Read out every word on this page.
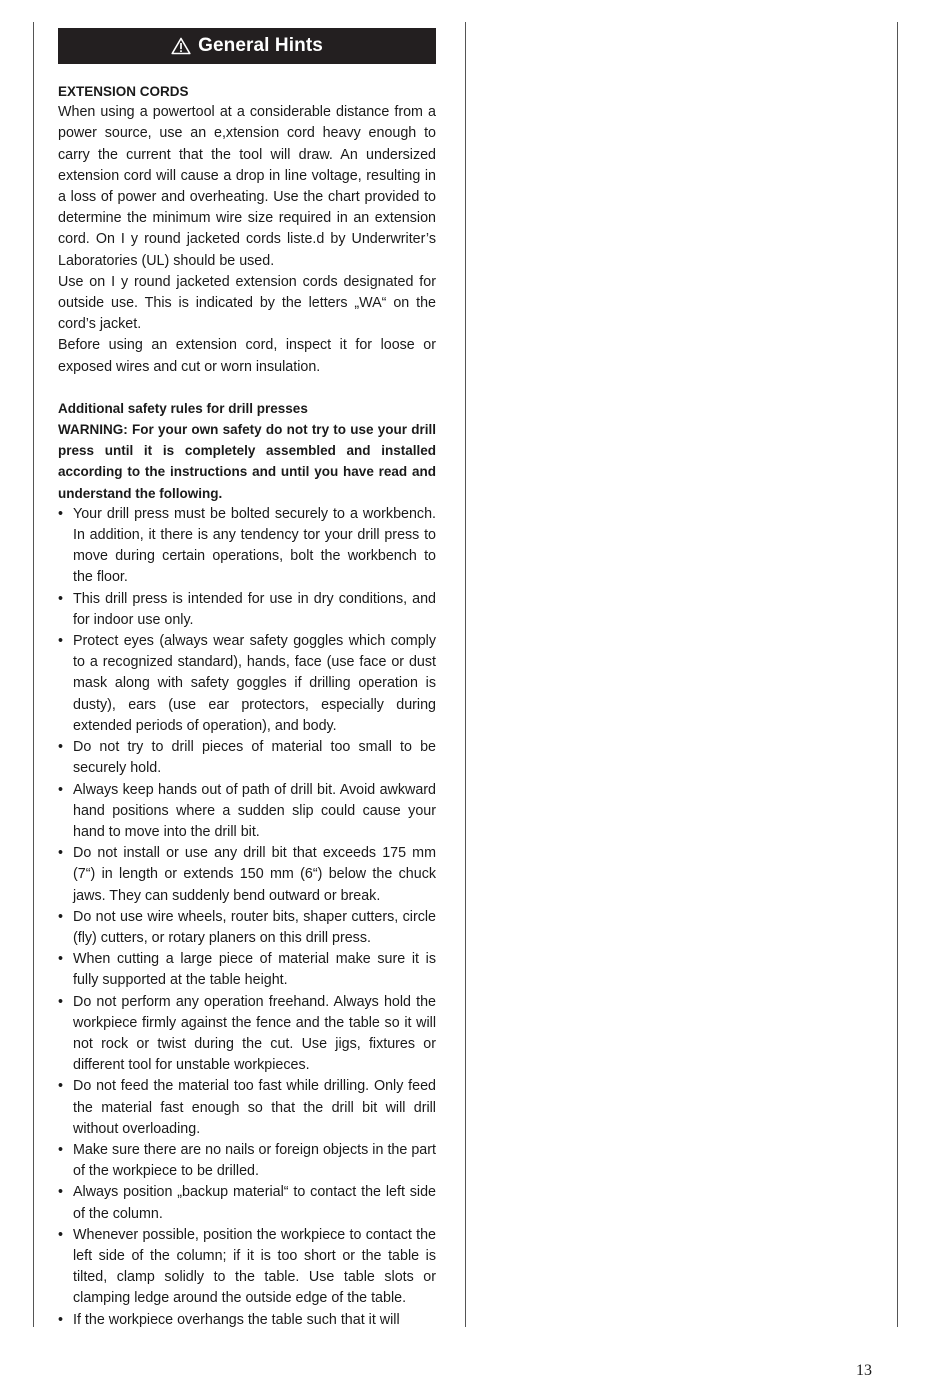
General Hints
EXTENSION CORDS

When using a powertool at a considerable distance from a power source, use an e,xtension cord heavy enough to carry the current that the tool will draw. An undersized extension cord will cause a drop in line voltage, resulting in a loss of power and overheating. Use the chart provided to determine the minimum wire size required in an extension cord. On I y round jacketed cords liste.d by Underwriter’s Laboratories (UL) should be used.

Use on I y round jacketed extension cords designated for outside use. This is indicated by the letters „WA“ on the cord’s jacket.

Before using an extension cord, inspect it for loose or exposed wires and cut or worn insulation.

Additional safety rules for drill presses

WARNING: For your own safety do not try to use your drill press until it is completely assembled and installed according to the instructions and until you have read and understand the following.

• Your drill press must be bolted securely to a workbench. In addition, it there is any tendency tor your drill press to move during certain operations, bolt the workbench to the floor.
• This drill press is intended for use in dry conditions, and for indoor use only.
• Protect eyes (always wear safety goggles which comply to a recognized standard), hands, face (use face or dust mask along with safety goggles if drilling operation is dusty), ears (use ear protectors, especially during extended periods of operation), and body.
• Do not try to drill pieces of material too small to be securely hold.
• Always keep hands out of path of drill bit. Avoid awkward hand positions where a sudden slip could cause your hand to move into the drill bit.
• Do not install or use any drill bit that exceeds 175 mm (7“) in length or extends 150 mm (6“) below the chuck jaws. They can suddenly bend outward or break.
• Do not use wire wheels, router bits, shaper cutters, circle (fly) cutters, or rotary planers on this drill press.
• When cutting a large piece of material make sure it is fully supported at the table height.
• Do not perform any operation freehand. Always hold the workpiece firmly against the fence and the table so it will not rock or twist during the cut. Use jigs, fixtures or different tool for unstable workpieces.
• Do not feed the material too fast while drilling. Only feed the material fast enough so that the drill bit will drill without overloading.
• Make sure there are no nails or foreign objects in the part of the workpiece to be drilled.
• Always position „backup material“ to contact the left side of the column.
• Whenever possible, position the workpiece to contact the left side of the column; if it is too short or the table is tilted, clamp solidly to the table. Use table slots or clamping ledge around the outside edge of the table.
• If the workpiece overhangs the table such that it will
13
